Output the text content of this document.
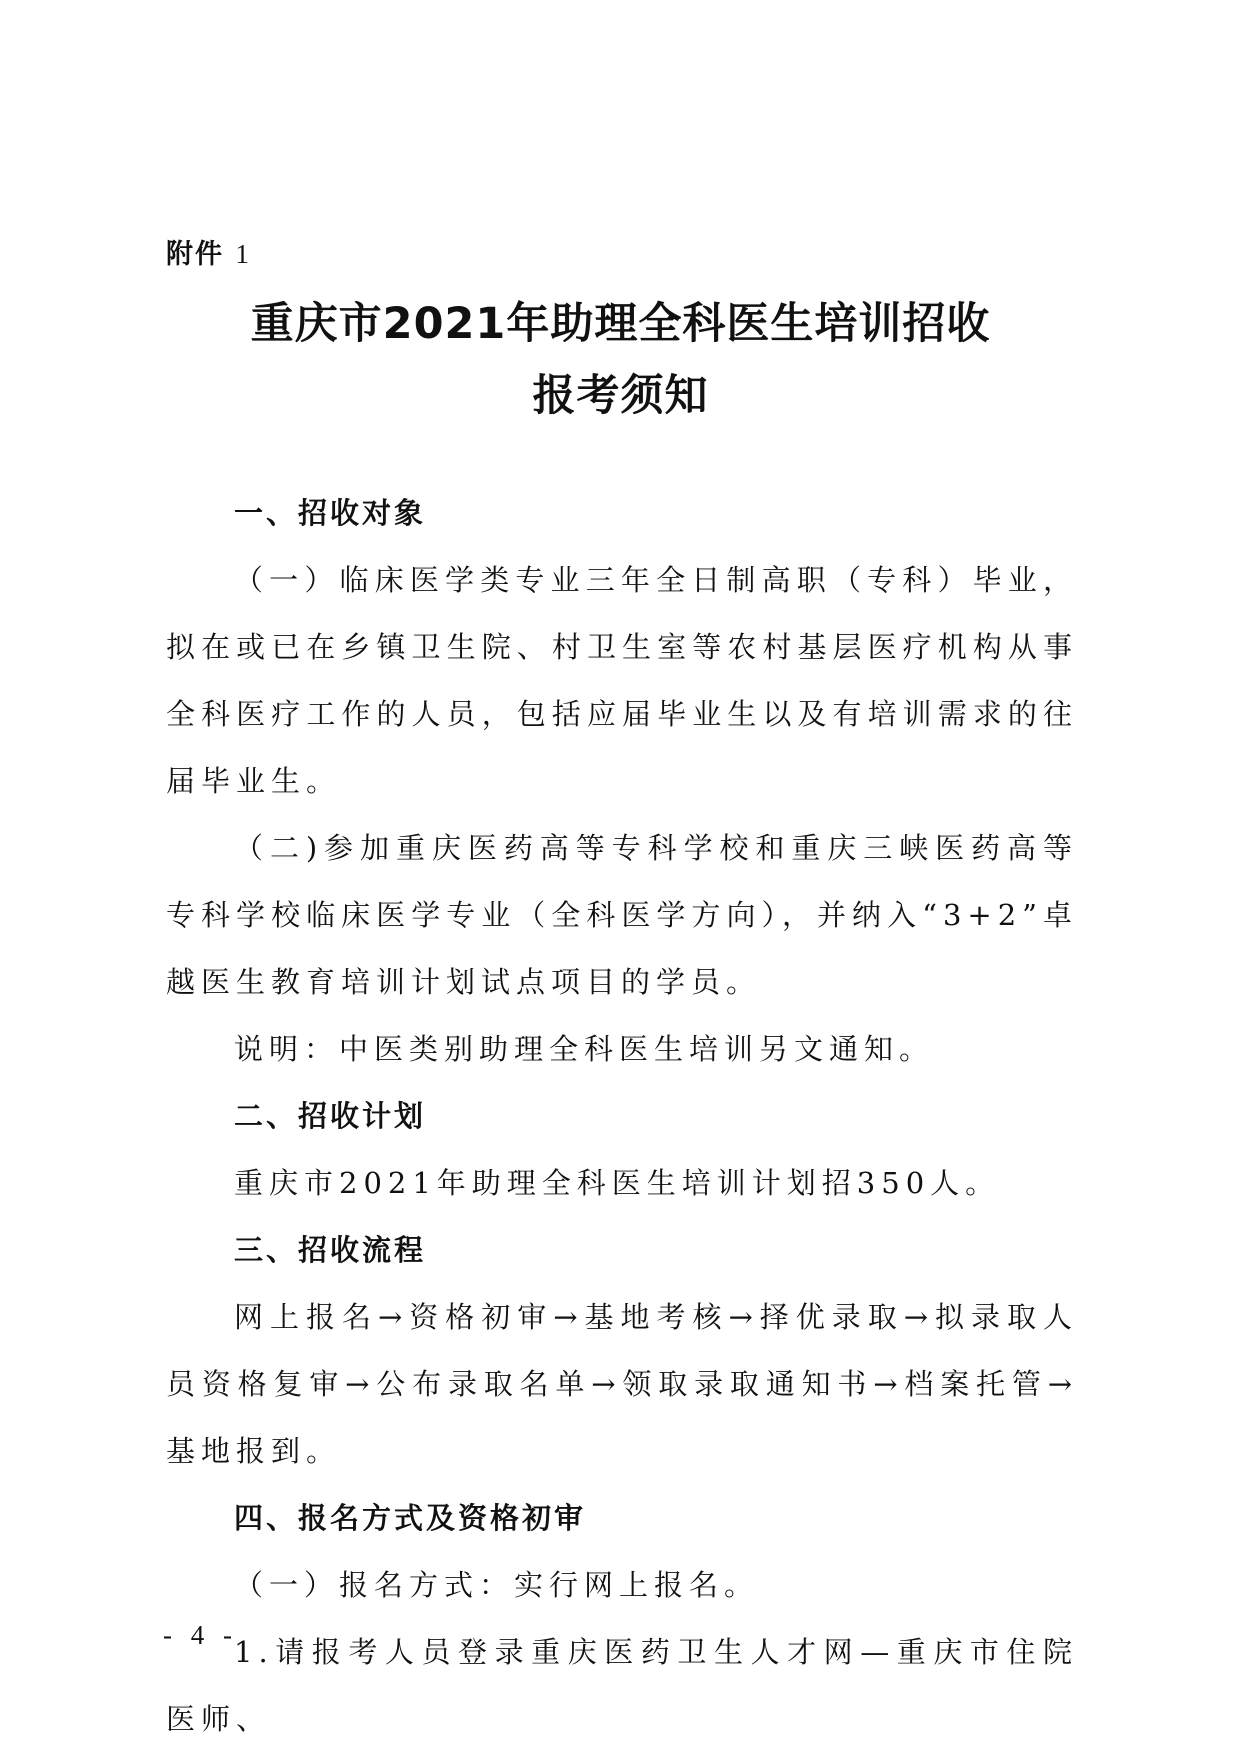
附件 1
重庆市2021年助理全科医生培训招收
报考须知

一、招收对象

（一）临床医学类专业三年全日制高职（专科）毕业，拟在或已在乡镇卫生院、村卫生室等农村基层医疗机构从事全科医疗工作的人员，包括应届毕业生以及有培训需求的往届毕业生。

（二)参加重庆医药高等专科学校和重庆三峡医药高等专科学校临床医学专业（全科医学方向），并纳入“3+2”卓越医生教育培训计划试点项目的学员。

说明：中医类别助理全科医生培训另文通知。

二、招收计划

重庆市2021年助理全科医生培训计划招350人。

三、招收流程

网上报名→资格初审→基地考核→择优录取→拟录取人员资格复审→公布录取名单→领取录取通知书→档案托管→基地报到。

四、报名方式及资格初审

（一）报名方式：实行网上报名。

1.请报考人员登录重庆医药卫生人才网—重庆市住院医师、

- 4 -
